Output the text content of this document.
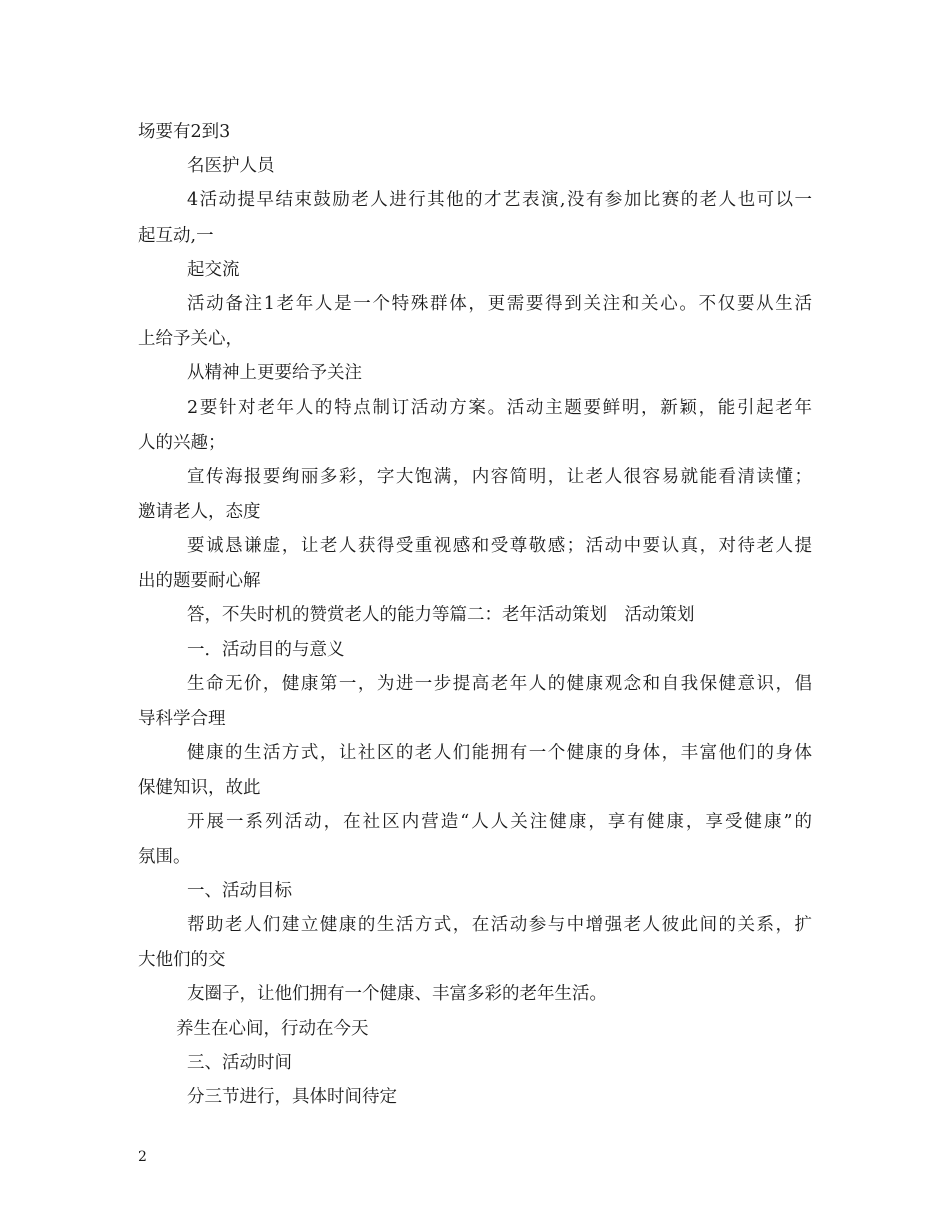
场要有2到3
名医护人员
4活动提早结束鼓励老人进行其他的才艺表演,没有参加比赛的老人也可以一
起互动,一
起交流
活动备注1老年人是一个特殊群体，更需要得到关注和关心。不仅要从生活
上给予关心，
从精神上更要给予关注
2要针对老年人的特点制订活动方案。活动主题要鲜明，新颖，能引起老年
人的兴趣；
宣传海报要绚丽多彩，字大饱满，内容简明，让老人很容易就能看清读懂；
邀请老人，态度
要诚恳谦虚，让老人获得受重视感和受尊敬感；活动中要认真，对待老人提
出的题要耐心解
答，不失时机的赞赏老人的能力等篇二：老年活动策划　活动策划
一．活动目的与意义
生命无价，健康第一，为进一步提高老年人的健康观念和自我保健意识，倡
导科学合理
健康的生活方式，让社区的老人们能拥有一个健康的身体，丰富他们的身体
保健知识，故此
开展一系列活动，在社区内营造“人人关注健康，享有健康，享受健康”的
氛围。
一、活动目标
帮助老人们建立健康的生活方式，在活动参与中增强老人彼此间的关系，扩
大他们的交
友圈子，让他们拥有一个健康、丰富多彩的老年生活。
养生在心间，行动在今天
三、活动时间
分三节进行，具体时间待定
2
